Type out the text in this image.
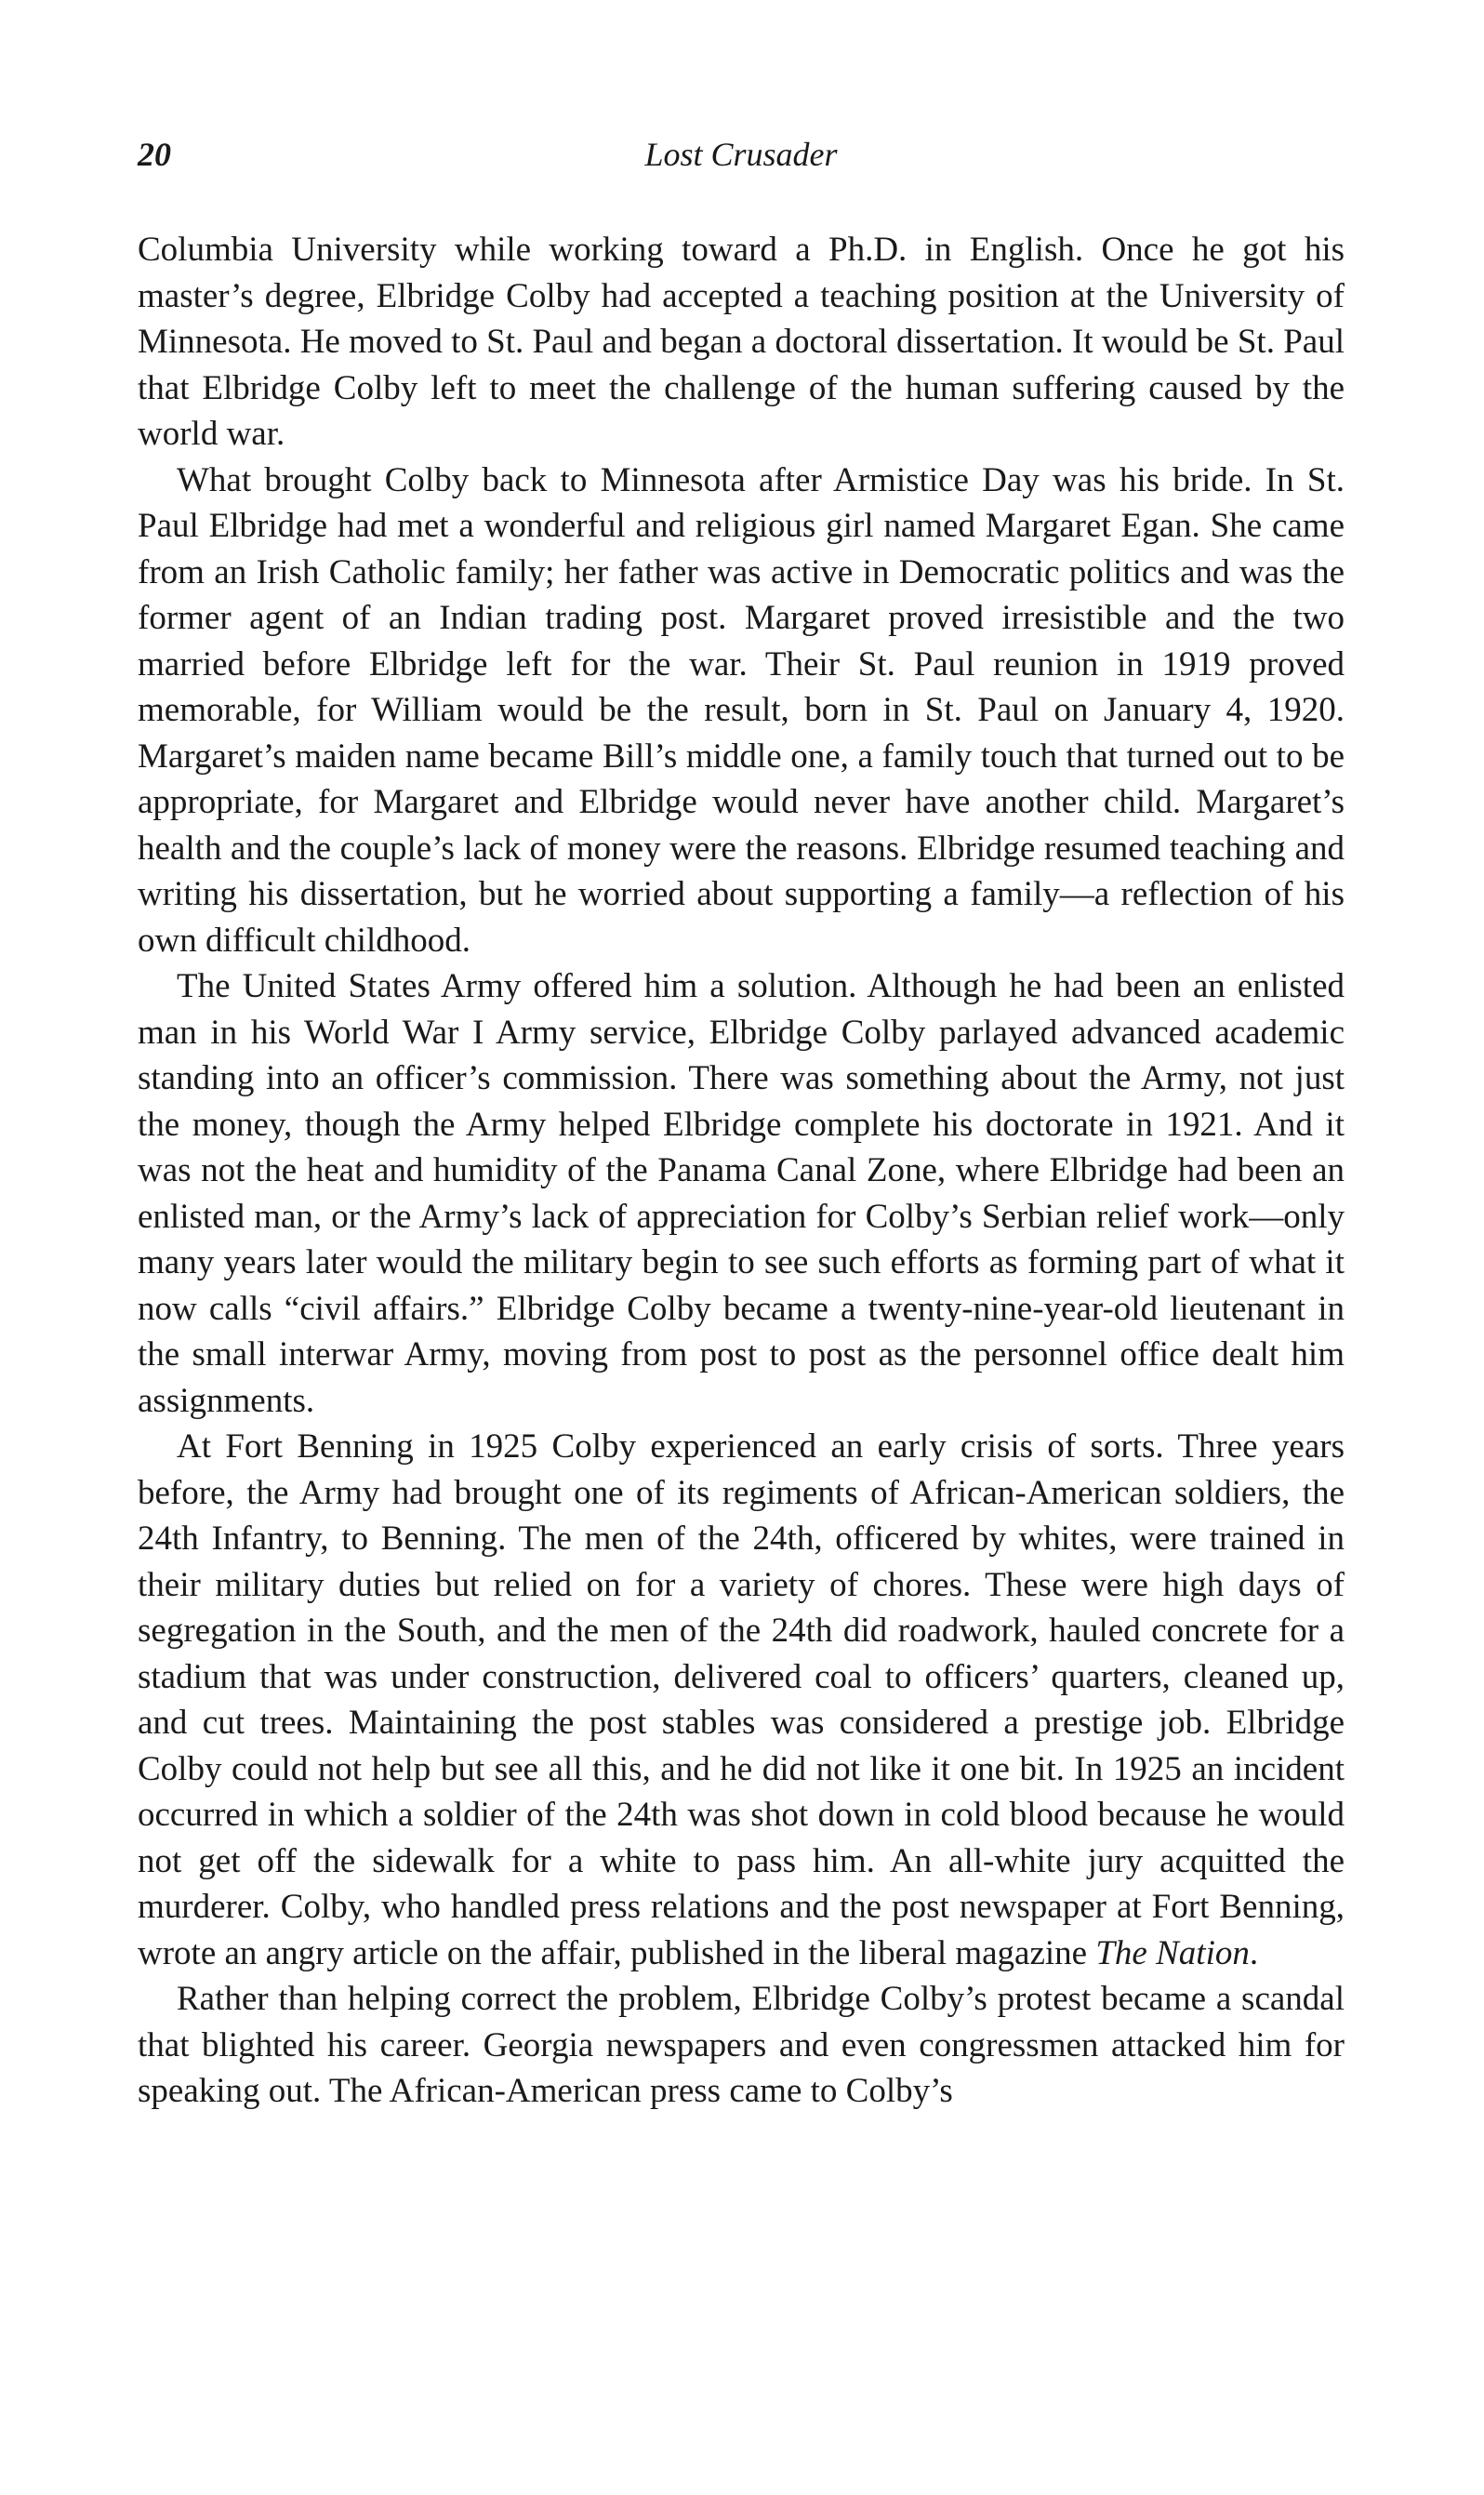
20	Lost Crusader

Columbia University while working toward a Ph.D. in English. Once he got his master’s degree, Elbridge Colby had accepted a teaching position at the University of Minnesota. He moved to St. Paul and began a doctoral dissertation. It would be St. Paul that Elbridge Colby left to meet the challenge of the human suffering caused by the world war.

What brought Colby back to Minnesota after Armistice Day was his bride. In St. Paul Elbridge had met a wonderful and religious girl named Margaret Egan. She came from an Irish Catholic family; her father was active in Democratic politics and was the former agent of an Indian trading post. Margaret proved irresistible and the two married before Elbridge left for the war. Their St. Paul reunion in 1919 proved memorable, for William would be the result, born in St. Paul on January 4, 1920. Margaret’s maiden name became Bill’s middle one, a family touch that turned out to be appropriate, for Margaret and Elbridge would never have another child. Margaret’s health and the couple’s lack of money were the reasons. Elbridge resumed teaching and writing his dissertation, but he worried about supporting a family—a reflection of his own difficult childhood.

The United States Army offered him a solution. Although he had been an enlisted man in his World War I Army service, Elbridge Colby parlayed advanced academic standing into an officer’s commission. There was something about the Army, not just the money, though the Army helped Elbridge complete his doctorate in 1921. And it was not the heat and humidity of the Panama Canal Zone, where Elbridge had been an enlisted man, or the Army’s lack of appreciation for Colby’s Serbian relief work—only many years later would the military begin to see such efforts as forming part of what it now calls “civil affairs.” Elbridge Colby became a twenty-nine-year-old lieutenant in the small interwar Army, moving from post to post as the personnel office dealt him assignments.

At Fort Benning in 1925 Colby experienced an early crisis of sorts. Three years before, the Army had brought one of its regiments of African-American soldiers, the 24th Infantry, to Benning. The men of the 24th, officered by whites, were trained in their military duties but relied on for a variety of chores. These were high days of segregation in the South, and the men of the 24th did roadwork, hauled concrete for a stadium that was under construction, delivered coal to officers’ quarters, cleaned up, and cut trees. Maintaining the post stables was considered a prestige job. Elbridge Colby could not help but see all this, and he did not like it one bit. In 1925 an incident occurred in which a soldier of the 24th was shot down in cold blood because he would not get off the sidewalk for a white to pass him. An all-white jury acquitted the murderer. Colby, who handled press relations and the post newspaper at Fort Benning, wrote an angry article on the affair, published in the liberal magazine The Nation.

Rather than helping correct the problem, Elbridge Colby’s protest became a scandal that blighted his career. Georgia newspapers and even congressmen attacked him for speaking out. The African-American press came to Colby’s
